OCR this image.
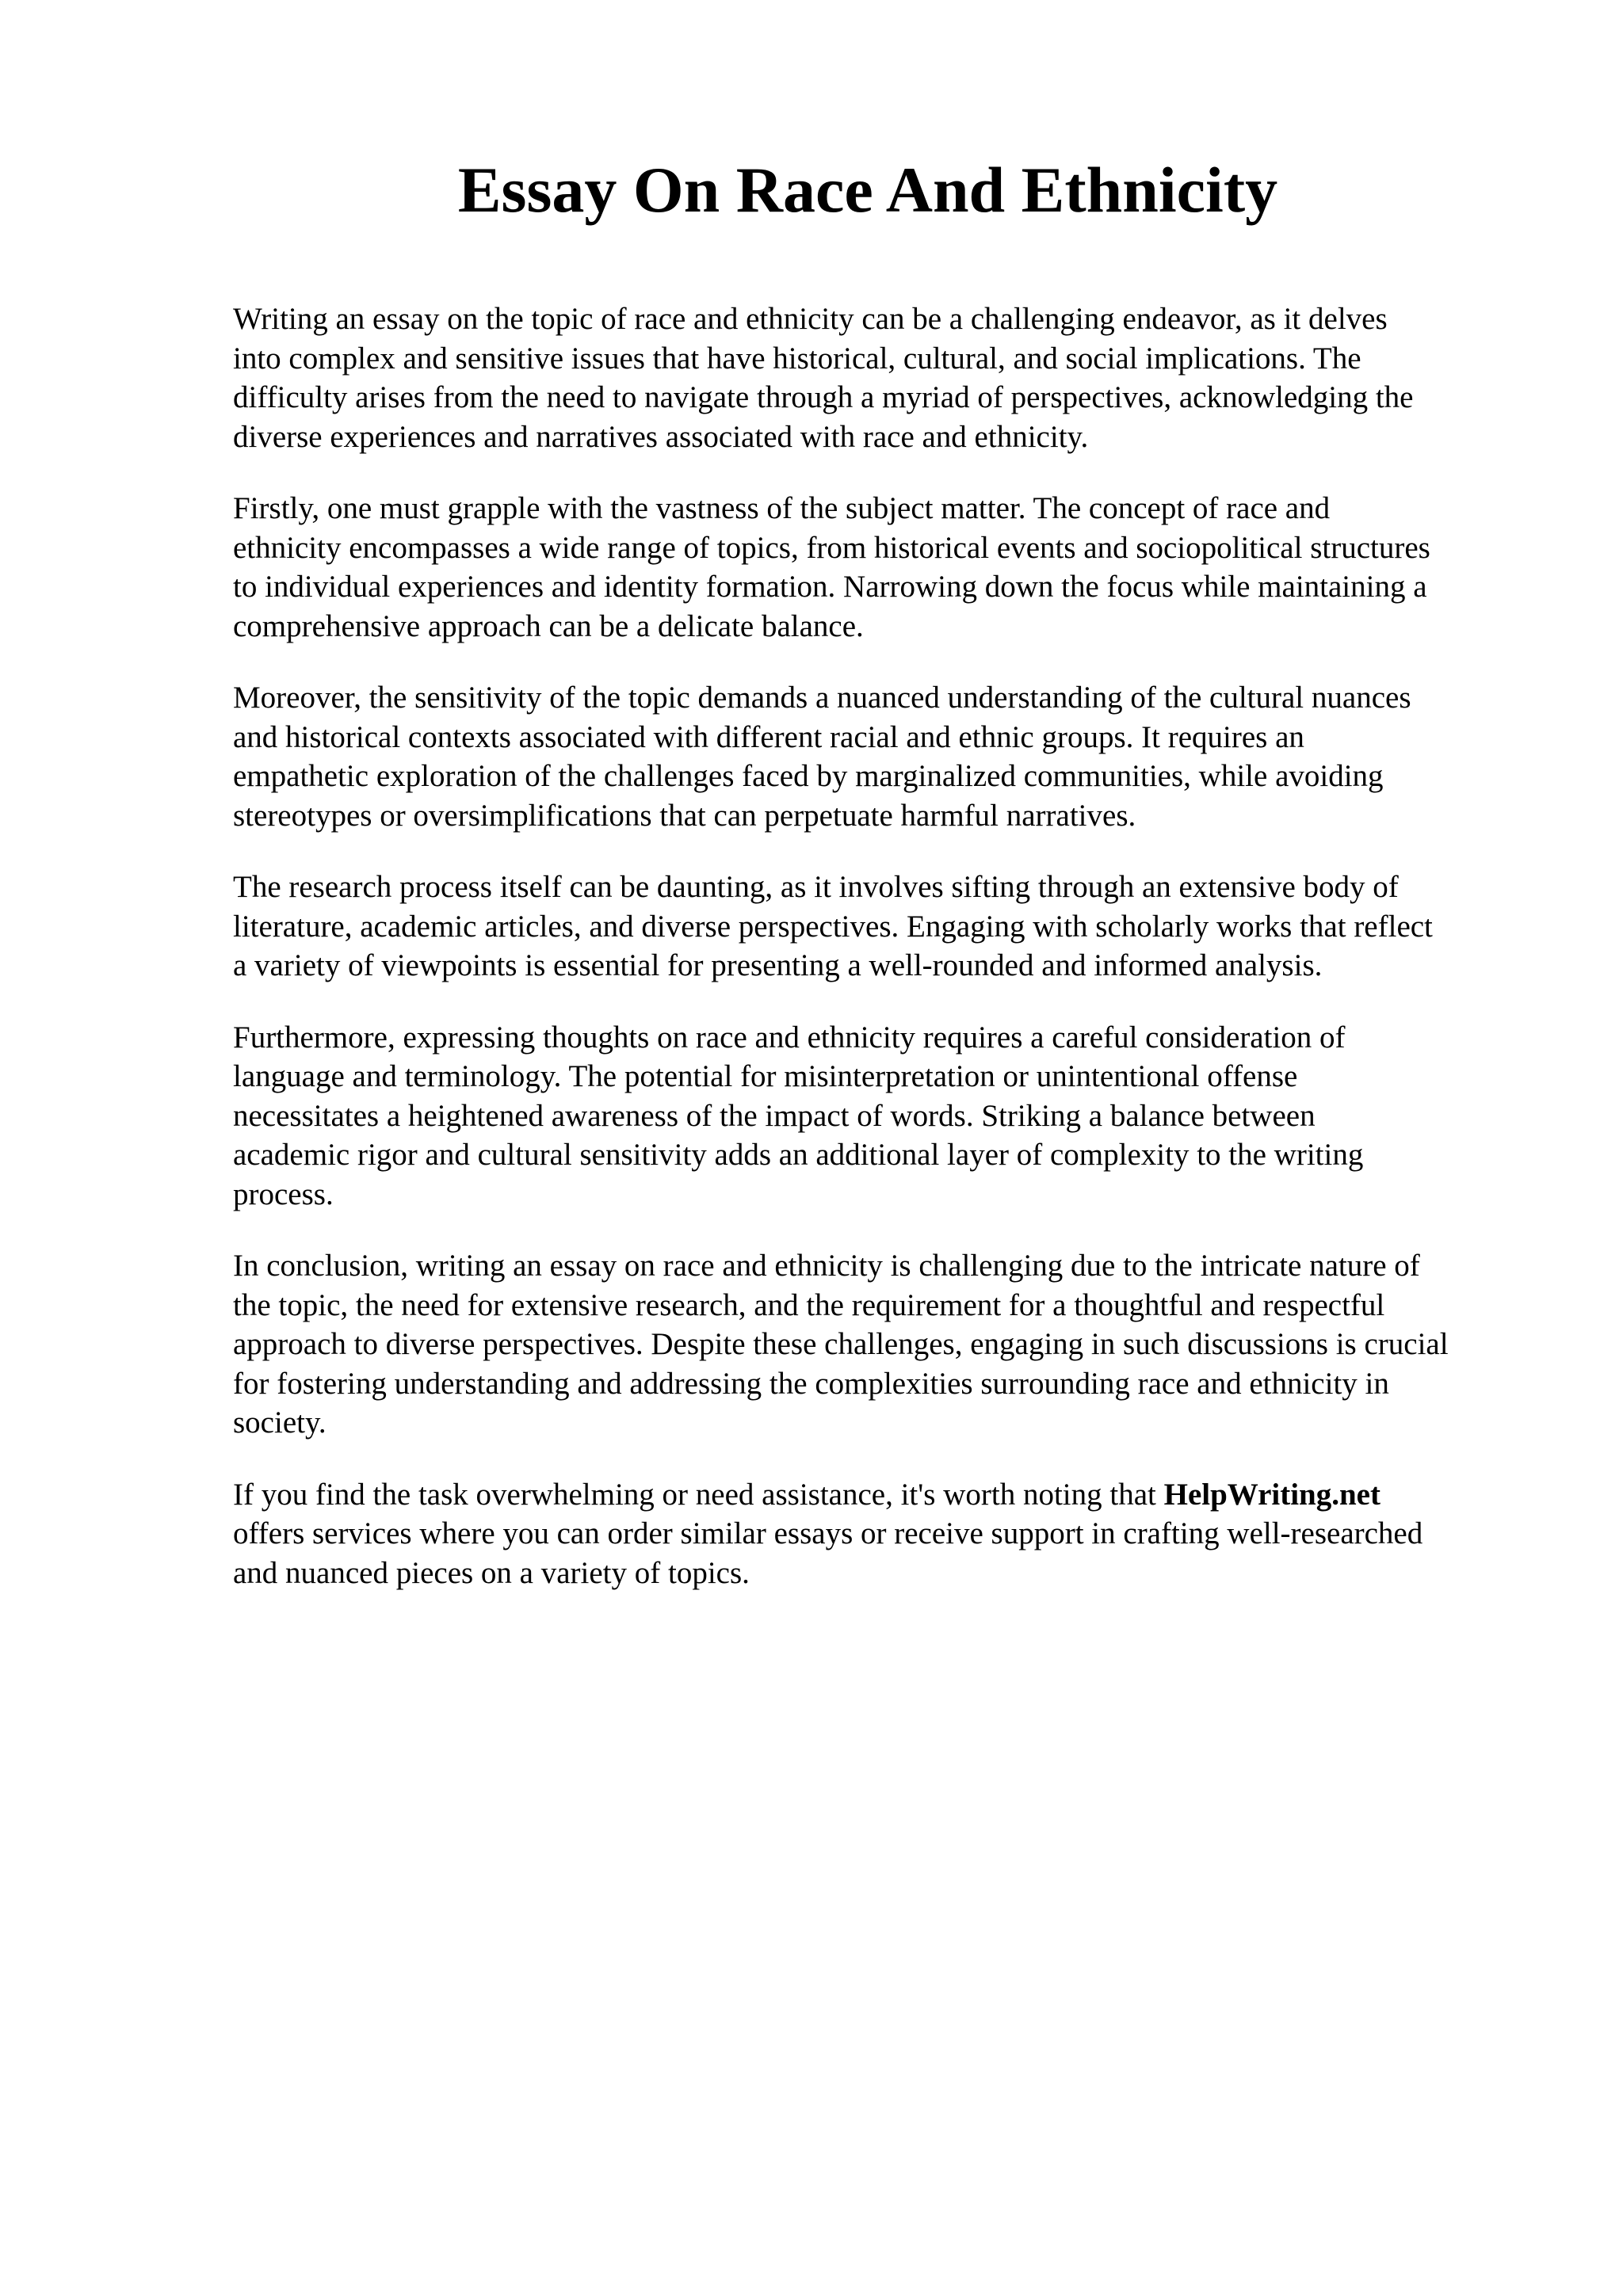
Essay On Race And Ethnicity

Writing an essay on the topic of race and ethnicity can be a challenging endeavor, as it delves
into complex and sensitive issues that have historical, cultural, and social implications. The
difficulty arises from the need to navigate through a myriad of perspectives, acknowledging the
diverse experiences and narratives associated with race and ethnicity.

Firstly, one must grapple with the vastness of the subject matter. The concept of race and
ethnicity encompasses a wide range of topics, from historical events and sociopolitical structures
to individual experiences and identity formation. Narrowing down the focus while maintaining a
comprehensive approach can be a delicate balance.

Moreover, the sensitivity of the topic demands a nuanced understanding of the cultural nuances
and historical contexts associated with different racial and ethnic groups. It requires an
empathetic exploration of the challenges faced by marginalized communities, while avoiding
stereotypes or oversimplifications that can perpetuate harmful narratives.

The research process itself can be daunting, as it involves sifting through an extensive body of
literature, academic articles, and diverse perspectives. Engaging with scholarly works that reflect
a variety of viewpoints is essential for presenting a well-rounded and informed analysis.

Furthermore, expressing thoughts on race and ethnicity requires a careful consideration of
language and terminology. The potential for misinterpretation or unintentional offense
necessitates a heightened awareness of the impact of words. Striking a balance between
academic rigor and cultural sensitivity adds an additional layer of complexity to the writing
process.

In conclusion, writing an essay on race and ethnicity is challenging due to the intricate nature of
the topic, the need for extensive research, and the requirement for a thoughtful and respectful
approach to diverse perspectives. Despite these challenges, engaging in such discussions is crucial
for fostering understanding and addressing the complexities surrounding race and ethnicity in
society.

If you find the task overwhelming or need assistance, it's worth noting that HelpWriting.net
offers services where you can order similar essays or receive support in crafting well-researched
and nuanced pieces on a variety of topics.
